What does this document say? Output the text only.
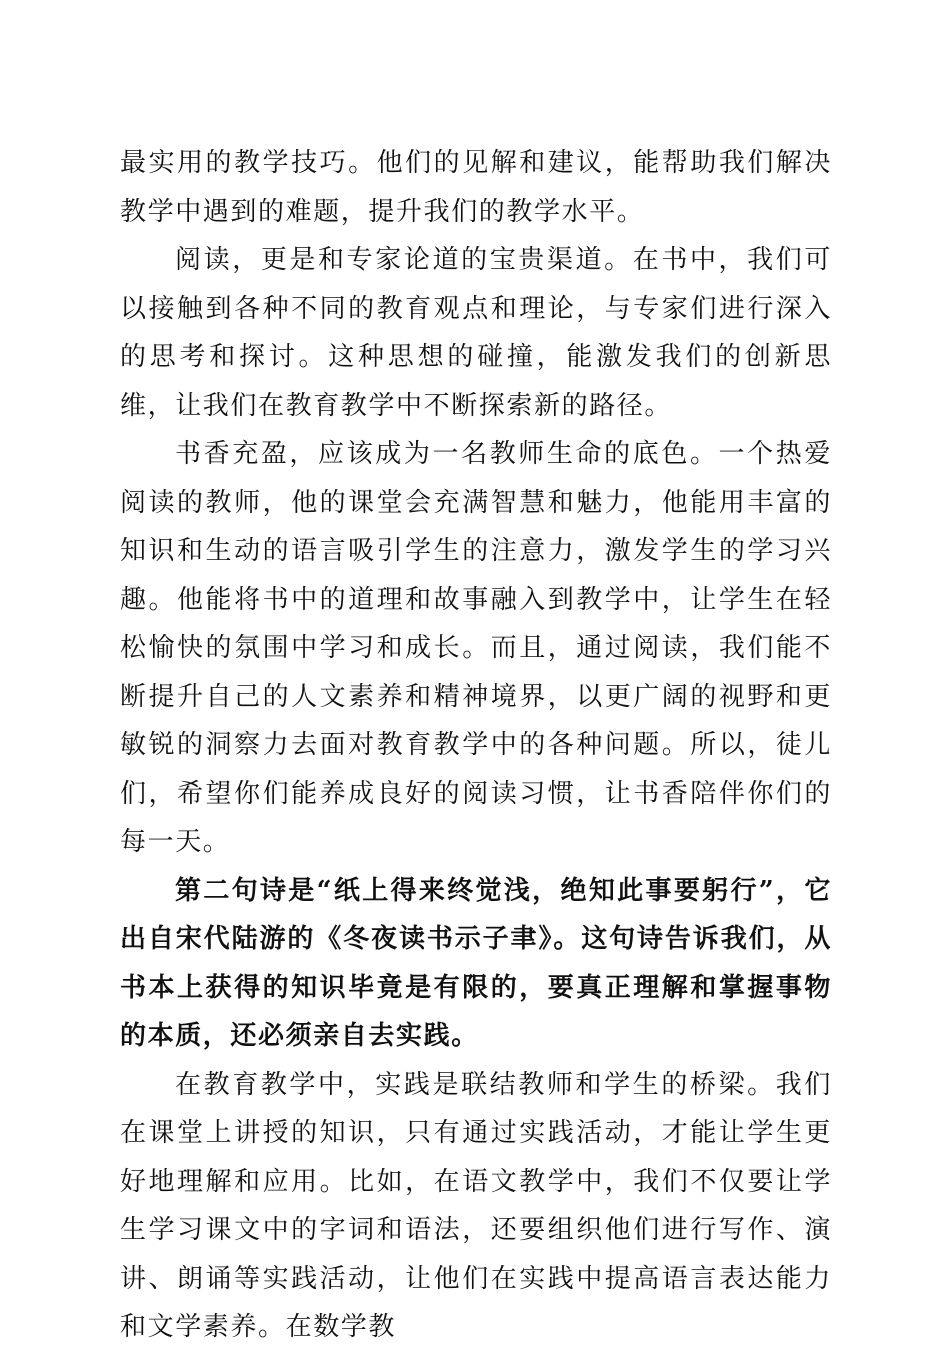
最实用的教学技巧。他们的见解和建议，能帮助我们解决教学中遇到的难题，提升我们的教学水平。

阅读，更是和专家论道的宝贵渠道。在书中，我们可以接触到各种不同的教育观点和理论，与专家们进行深入的思考和探讨。这种思想的碰撞，能激发我们的创新思维，让我们在教育教学中不断探索新的路径。

书香充盈，应该成为一名教师生命的底色。一个热爱阅读的教师，他的课堂会充满智慧和魅力，他能用丰富的知识和生动的语言吸引学生的注意力，激发学生的学习兴趣。他能将书中的道理和故事融入到教学中，让学生在轻松愉快的氛围中学习和成长。而且，通过阅读，我们能不断提升自己的人文素养和精神境界，以更广阔的视野和更敏锐的洞察力去面对教育教学中的各种问题。所以，徒儿们，希望你们能养成良好的阅读习惯，让书香陪伴你们的每一天。

第二句诗是“纸上得来终觉浅，绝知此事要躬行”，它出自宋代陆游的《冬夜读书示子聿》。这句诗告诉我们，从书本上获得的知识毕竟是有限的，要真正理解和掌握事物的本质，还必须亲自去实践。

在教育教学中，实践是联结教师和学生的桥梁。我们在课堂上讲授的知识，只有通过实践活动，才能让学生更好地理解和应用。比如，在语文教学中，我们不仅要让学生学习课文中的字词和语法，还要组织他们进行写作、演讲、朗诵等实践活动，让他们在实践中提高语言表达能力和文学素养。在数学教
